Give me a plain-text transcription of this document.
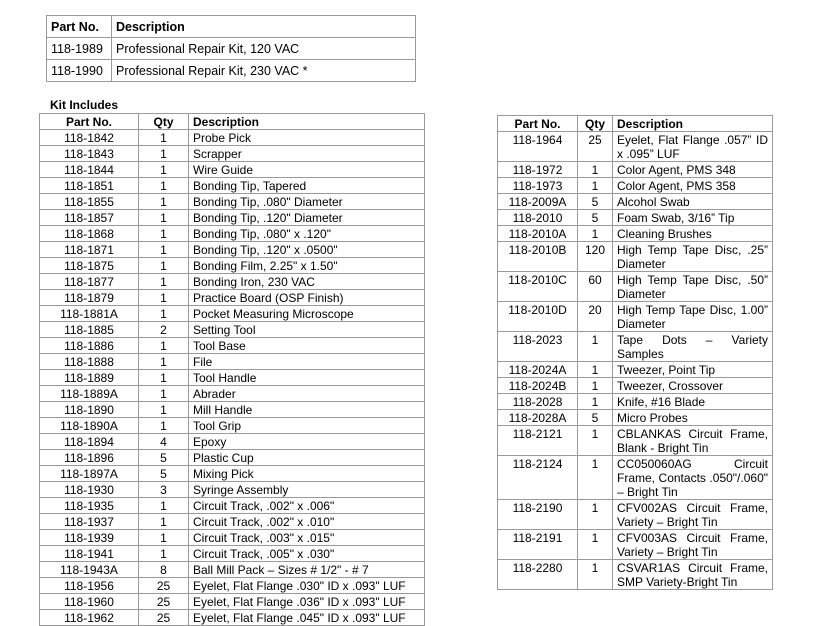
Part No.	Description
118-1989	Professional Repair Kit, 120 VAC
118-1990	Professional Repair Kit, 230 VAC *
Kit Includes
Part No.	Qty	Description
118-1842	1	Probe Pick
118-1843	1	Scrapper
118-1844	1	Wire Guide
118-1851	1	Bonding Tip, Tapered
118-1855	1	Bonding Tip, .080" Diameter
118-1857	1	Bonding Tip, .120" Diameter
118-1868	1	Bonding Tip, .080" x .120"
118-1871	1	Bonding Tip, .120" x .0500"
118-1875	1	Bonding Film, 2.25" x 1.50"
118-1877	1	Bonding Iron, 230 VAC
118-1879	1	Practice Board (OSP Finish)
118-1881A	1	Pocket Measuring Microscope
118-1885	2	Setting Tool
118-1886	1	Tool Base
118-1888	1	File
118-1889	1	Tool Handle
118-1889A	1	Abrader
118-1890	1	Mill Handle
118-1890A	1	Tool Grip
118-1894	4	Epoxy
118-1896	5	Plastic Cup
118-1897A	5	Mixing Pick
118-1930	3	Syringe Assembly
118-1935	1	Circuit Track, .002" x .006"
118-1937	1	Circuit Track, .002" x .010"
118-1939	1	Circuit Track, .003" x .015"
118-1941	1	Circuit Track, .005" x .030"
118-1943A	8	Ball Mill Pack – Sizes # 1/2" - # 7
118-1956	25	Eyelet, Flat Flange .030" ID x .093" LUF
118-1960	25	Eyelet, Flat Flange .036" ID x .093" LUF
118-1962	25	Eyelet, Flat Flange .045" ID x .093" LUF
Part No.	Qty	Description
118-1964	25	Eyelet, Flat Flange .057” ID x .095” LUF
118-1972	1	Color Agent, PMS 348
118-1973	1	Color Agent, PMS 358
118-2009A	5	Alcohol Swab
118-2010	5	Foam Swab, 3/16” Tip
118-2010A	1	Cleaning Brushes
118-2010B	120	High Temp Tape Disc, .25” Diameter
118-2010C	60	High Temp Tape Disc, .50” Diameter
118-2010D	20	High Temp Tape Disc, 1.00” Diameter
118-2023	1	Tape Dots – Variety Samples
118-2024A	1	Tweezer, Point Tip
118-2024B	1	Tweezer, Crossover
118-2028	1	Knife, #16 Blade
118-2028A	5	Micro Probes
118-2121	1	CBLANKAS Circuit Frame, Blank - Bright Tin
118-2124	1	CC050060AG Circuit Frame, Contacts .050"/.060" – Bright Tin
118-2190	1	CFV002AS Circuit Frame, Variety – Bright Tin
118-2191	1	CFV003AS Circuit Frame, Variety – Bright Tin
118-2280	1	CSVAR1AS Circuit Frame, SMP Variety-Bright Tin
